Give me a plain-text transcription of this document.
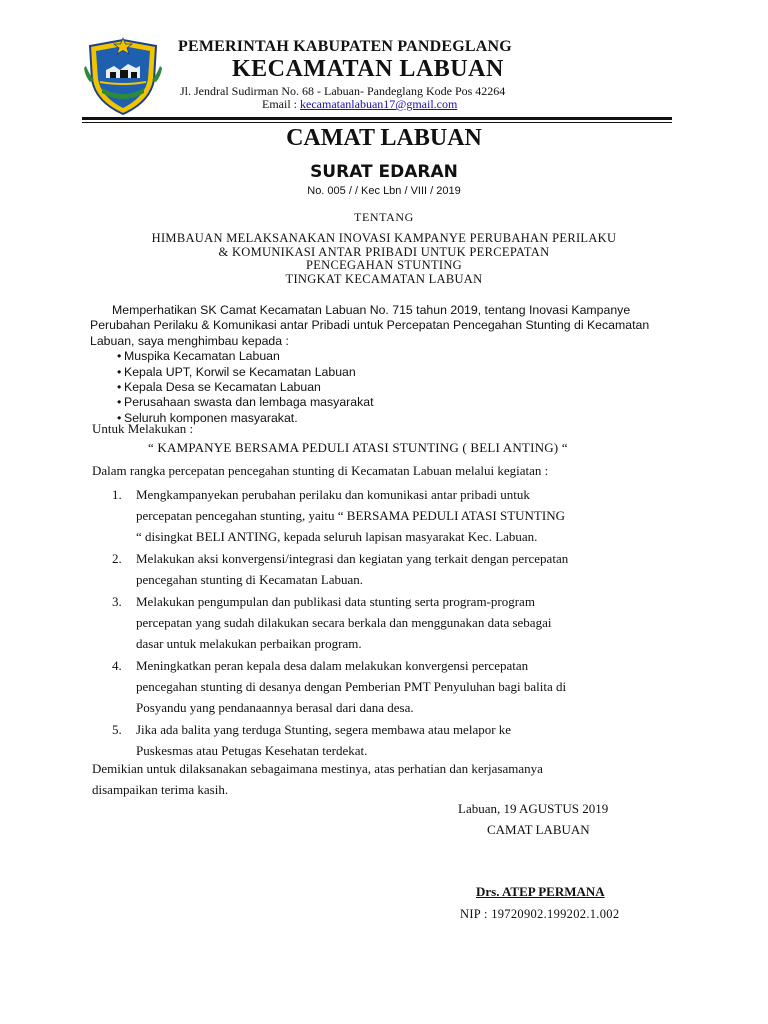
PEMERINTAH KABUPATEN PANDEGLANG
KECAMATAN LABUAN
Jl. Jendral Sudirman No. 68 - Labuan- Pandeglang Kode Pos 42264
Email : kecamatanlabuan17@gmail.com
CAMAT LABUAN
SURAT EDARAN
No. 005 / / Kec Lbn / VIII / 2019
TENTANG
HIMBAUAN MELAKSANAKAN INOVASI KAMPANYE PERUBAHAN PERILAKU
& KOMUNIKASI ANTAR PRIBADI UNTUK PERCEPATAN
PENCEGAHAN STUNTING
TINGKAT KECAMATAN LABUAN

Memperhatikan SK Camat Kecamatan Labuan No. 715 tahun 2019, tentang Inovasi Kampanye Perubahan Perilaku & Komunikasi antar Pribadi untuk Percepatan Pencegahan Stunting di Kecamatan Labuan, saya menghimbau kepada :

• Muspika Kecamatan Labuan
• Kepala UPT, Korwil se Kecamatan Labuan
• Kepala Desa se Kecamatan Labuan
• Perusahaan swasta dan lembaga masyarakat
• Seluruh komponen masyarakat.
Untuk Melakukan :
“ KAMPANYE BERSAMA PEDULI ATASI STUNTING ( BELI ANTING) “
Dalam rangka percepatan pencegahan stunting di Kecamatan Labuan melalui kegiatan :
1. Mengkampanyekan perubahan perilaku dan komunikasi antar pribadi untuk
percepatan pencegahan stunting, yaitu “ BERSAMA PEDULI ATASI STUNTING
“ disingkat BELI ANTING, kepada seluruh lapisan masyarakat Kec. Labuan.
2. Melakukan aksi konvergensi/integrasi dan kegiatan yang terkait dengan percepatan
pencegahan stunting di Kecamatan Labuan.
3. Melakukan pengumpulan dan publikasi data stunting serta program-program
percepatan yang sudah dilakukan secara berkala dan menggunakan data sebagai
dasar untuk melakukan perbaikan program.
4. Meningkatkan peran kepala desa dalam melakukan konvergensi percepatan
pencegahan stunting di desanya dengan Pemberian PMT Penyuluhan bagi balita di
Posyandu yang pendanaannya berasal dari dana desa.
5. Jika ada balita yang terduga Stunting, segera membawa atau melapor ke
Puskesmas atau Petugas Kesehatan terdekat.
Demikian untuk dilaksanakan sebagaimana mestinya, atas perhatian dan kerjasamanya
disampaikan terima kasih.
Labuan, 19 AGUSTUS 2019
CAMAT LABUAN
Drs. ATEP PERMANA
NIP : 19720902.199202.1.002
